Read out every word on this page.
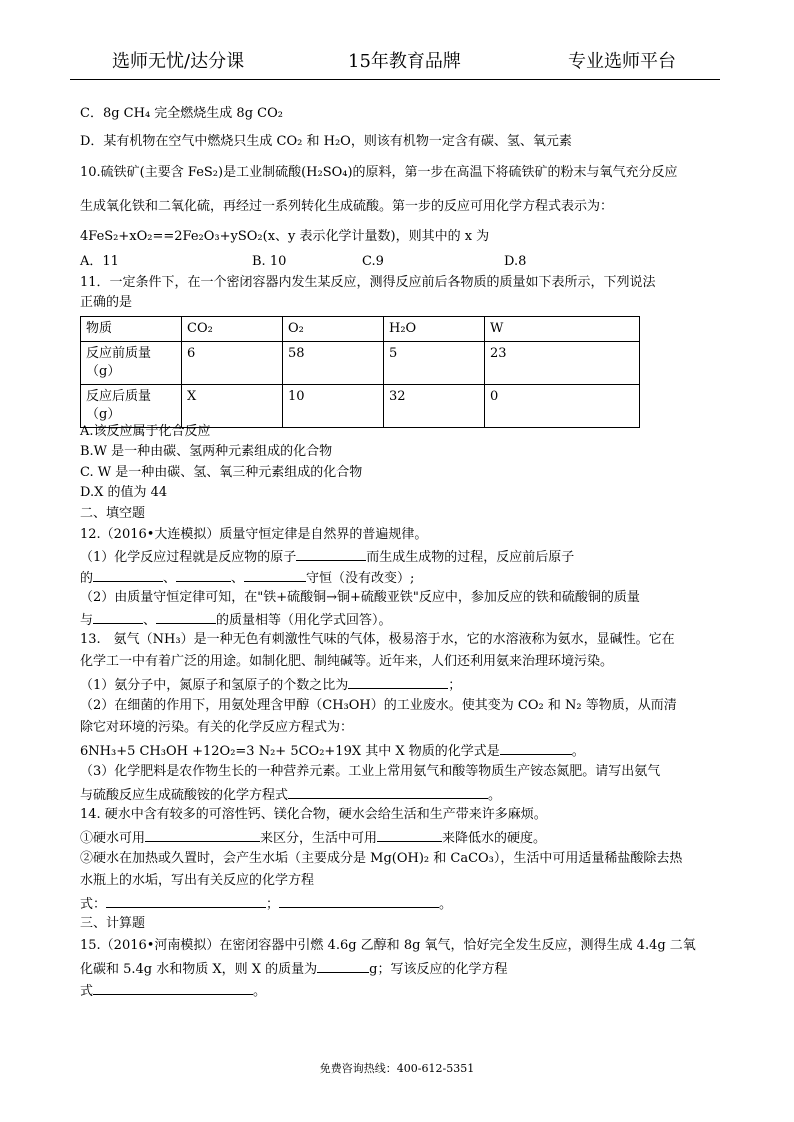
选师无忧/达分课	15年教育品牌	专业选师平台
C．8g CH₄ 完全燃烧生成 8g CO₂
D．某有机物在空气中燃烧只生成 CO₂ 和 H₂O，则该有机物一定含有碳、氢、氧元素
10.硫铁矿(主要含 FeS₂)是工业制硫酸(H₂SO₄)的原料，第一步在高温下将硫铁矿的粉末与氧气充分反应
生成氧化铁和二氧化硫，再经过一系列转化生成硫酸。第一步的反应可用化学方程式表示为：
4FeS₂+xO₂==2Fe₂O₃+ySO₂(x、y 表示化学计量数)，则其中的 x 为
A．11	B. 10	C.9	D.8
11．一定条件下，在一个密闭容器内发生某反应，测得反应前后各物质的质量如下表所示，下列说法
正确的是
物质	CO₂	O₂	H₂O	W
反应前质量（g）	6	58	5	23
反应后质量（g）	X	10	32	0
A.该反应属于化合反应
B.W 是一种由碳、氢两种元素组成的化合物
C. W 是一种由碳、氢、氧三种元素组成的化合物
D.X 的值为 44
二、填空题
12.（2016•大连模拟）质量守恒定律是自然界的普遍规律。
（1）化学反应过程就是反应物的原子	而生成生成物的过程，反应前后原子
的	、	、	守恒（没有改变）;
（2）由质量守恒定律可知，在"铁+硫酸铜→铜+硫酸亚铁"反应中，参加反应的铁和硫酸铜的质量
与	、	的质量相等（用化学式回答）。
13.　氨气（NH₃）是一种无色有刺激性气味的气体，极易溶于水，它的水溶液称为氨水，显碱性。它在
化学工一中有着广泛的用途。如制化肥、制纯碱等。近年来，人们还利用氨来治理环境污染。
（1）氨分子中，氮原子和氢原子的个数之比为	；
（2）在细菌的作用下，用氨处理含甲醇（CH₃OH）的工业废水。使其变为 CO₂ 和 N₂ 等物质，从而清
除它对环境的污染。有关的化学反应方程式为：
6NH₃+5 CH₃OH +12O₂=3 N₂+ 5CO₂+19X 其中 X 物质的化学式是	。
（3）化学肥料是农作物生长的一种营养元素。工业上常用氨气和酸等物质生产铵态氮肥。请写出氨气
与硫酸反应生成硫酸铵的化学方程式	。
14. 硬水中含有较多的可溶性钙、镁化合物，硬水会给生活和生产带来许多麻烦。
①硬水可用	来区分，生活中可用	来降低水的硬度。
②硬水在加热或久置时，会产生水垢（主要成分是 Mg(OH)₂ 和 CaCO₃），生活中可用适量稀盐酸除去热
水瓶上的水垢，写出有关反应的化学方程
式：	；	。
三、计算题
15.（2016•河南模拟）在密闭容器中引燃 4.6g 乙醇和 8g 氧气，恰好完全发生反应，测得生成 4.4g 二氧
化碳和 5.4g 水和物质 X，则 X 的质量为	g；写该反应的化学方程
式	。
免费咨询热线：400-612-5351
